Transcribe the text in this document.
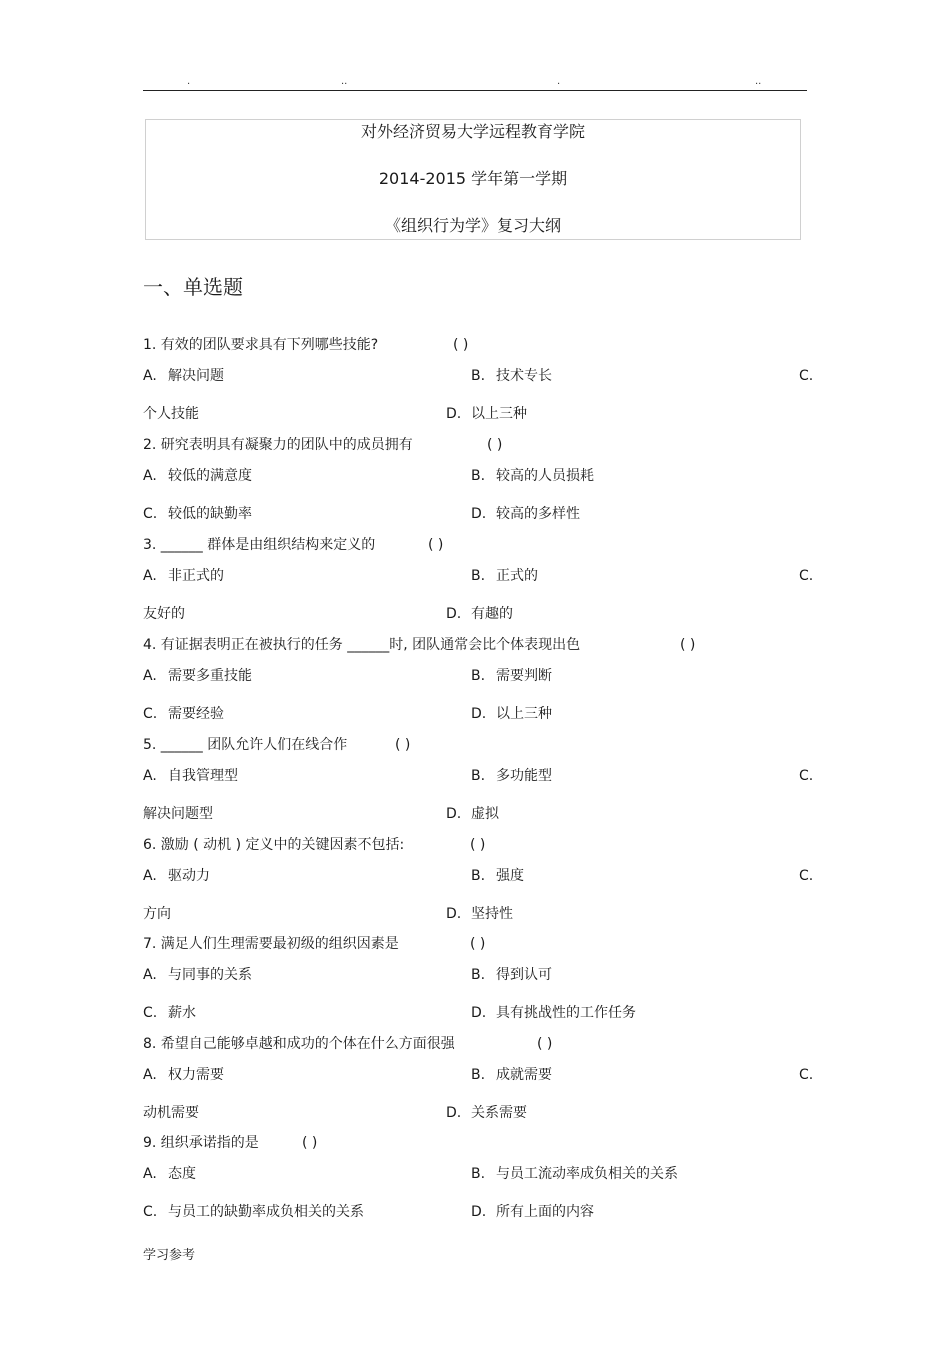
.	..	.	..
对外经济贸易大学远程教育学院
2014-2015 学年第一学期
《组织行为学》复习大纲
一、单选题
1. 有效的团队要求具有下列哪些技能?	( )
A. 解决问题	B. 技术专长	C.
个人技能	D. 以上三种
2. 研究表明具有凝聚力的团队中的成员拥有	( )
A. 较低的满意度	B. 较高的人员损耗
C. 较低的缺勤率	D. 较高的多样性
3. ______ 群体是由组织结构来定义的	( )
A. 非正式的	B. 正式的	C.
友好的	D. 有趣的
4. 有证据表明正在被执行的任务 ______时, 团队通常会比个体表现出色	( )
A. 需要多重技能	B. 需要判断
C. 需要经验	D. 以上三种
5. ______ 团队允许人们在线合作	( )
A. 自我管理型	B. 多功能型	C.
解决问题型	D. 虚拟
6. 激励 ( 动机 ) 定义中的关键因素不包括:	( )
A. 驱动力	B. 强度	C.
方向	D. 坚持性
7. 满足人们生理需要最初级的组织因素是	( )
A. 与同事的关系	B. 得到认可
C. 薪水	D. 具有挑战性的工作任务
8. 希望自己能够卓越和成功的个体在什么方面很强	( )
A. 权力需要	B. 成就需要	C.
动机需要	D. 关系需要
9. 组织承诺指的是	( )
A. 态度	B. 与员工流动率成负相关的关系
C. 与员工的缺勤率成负相关的关系	D. 所有上面的内容
学习参考
